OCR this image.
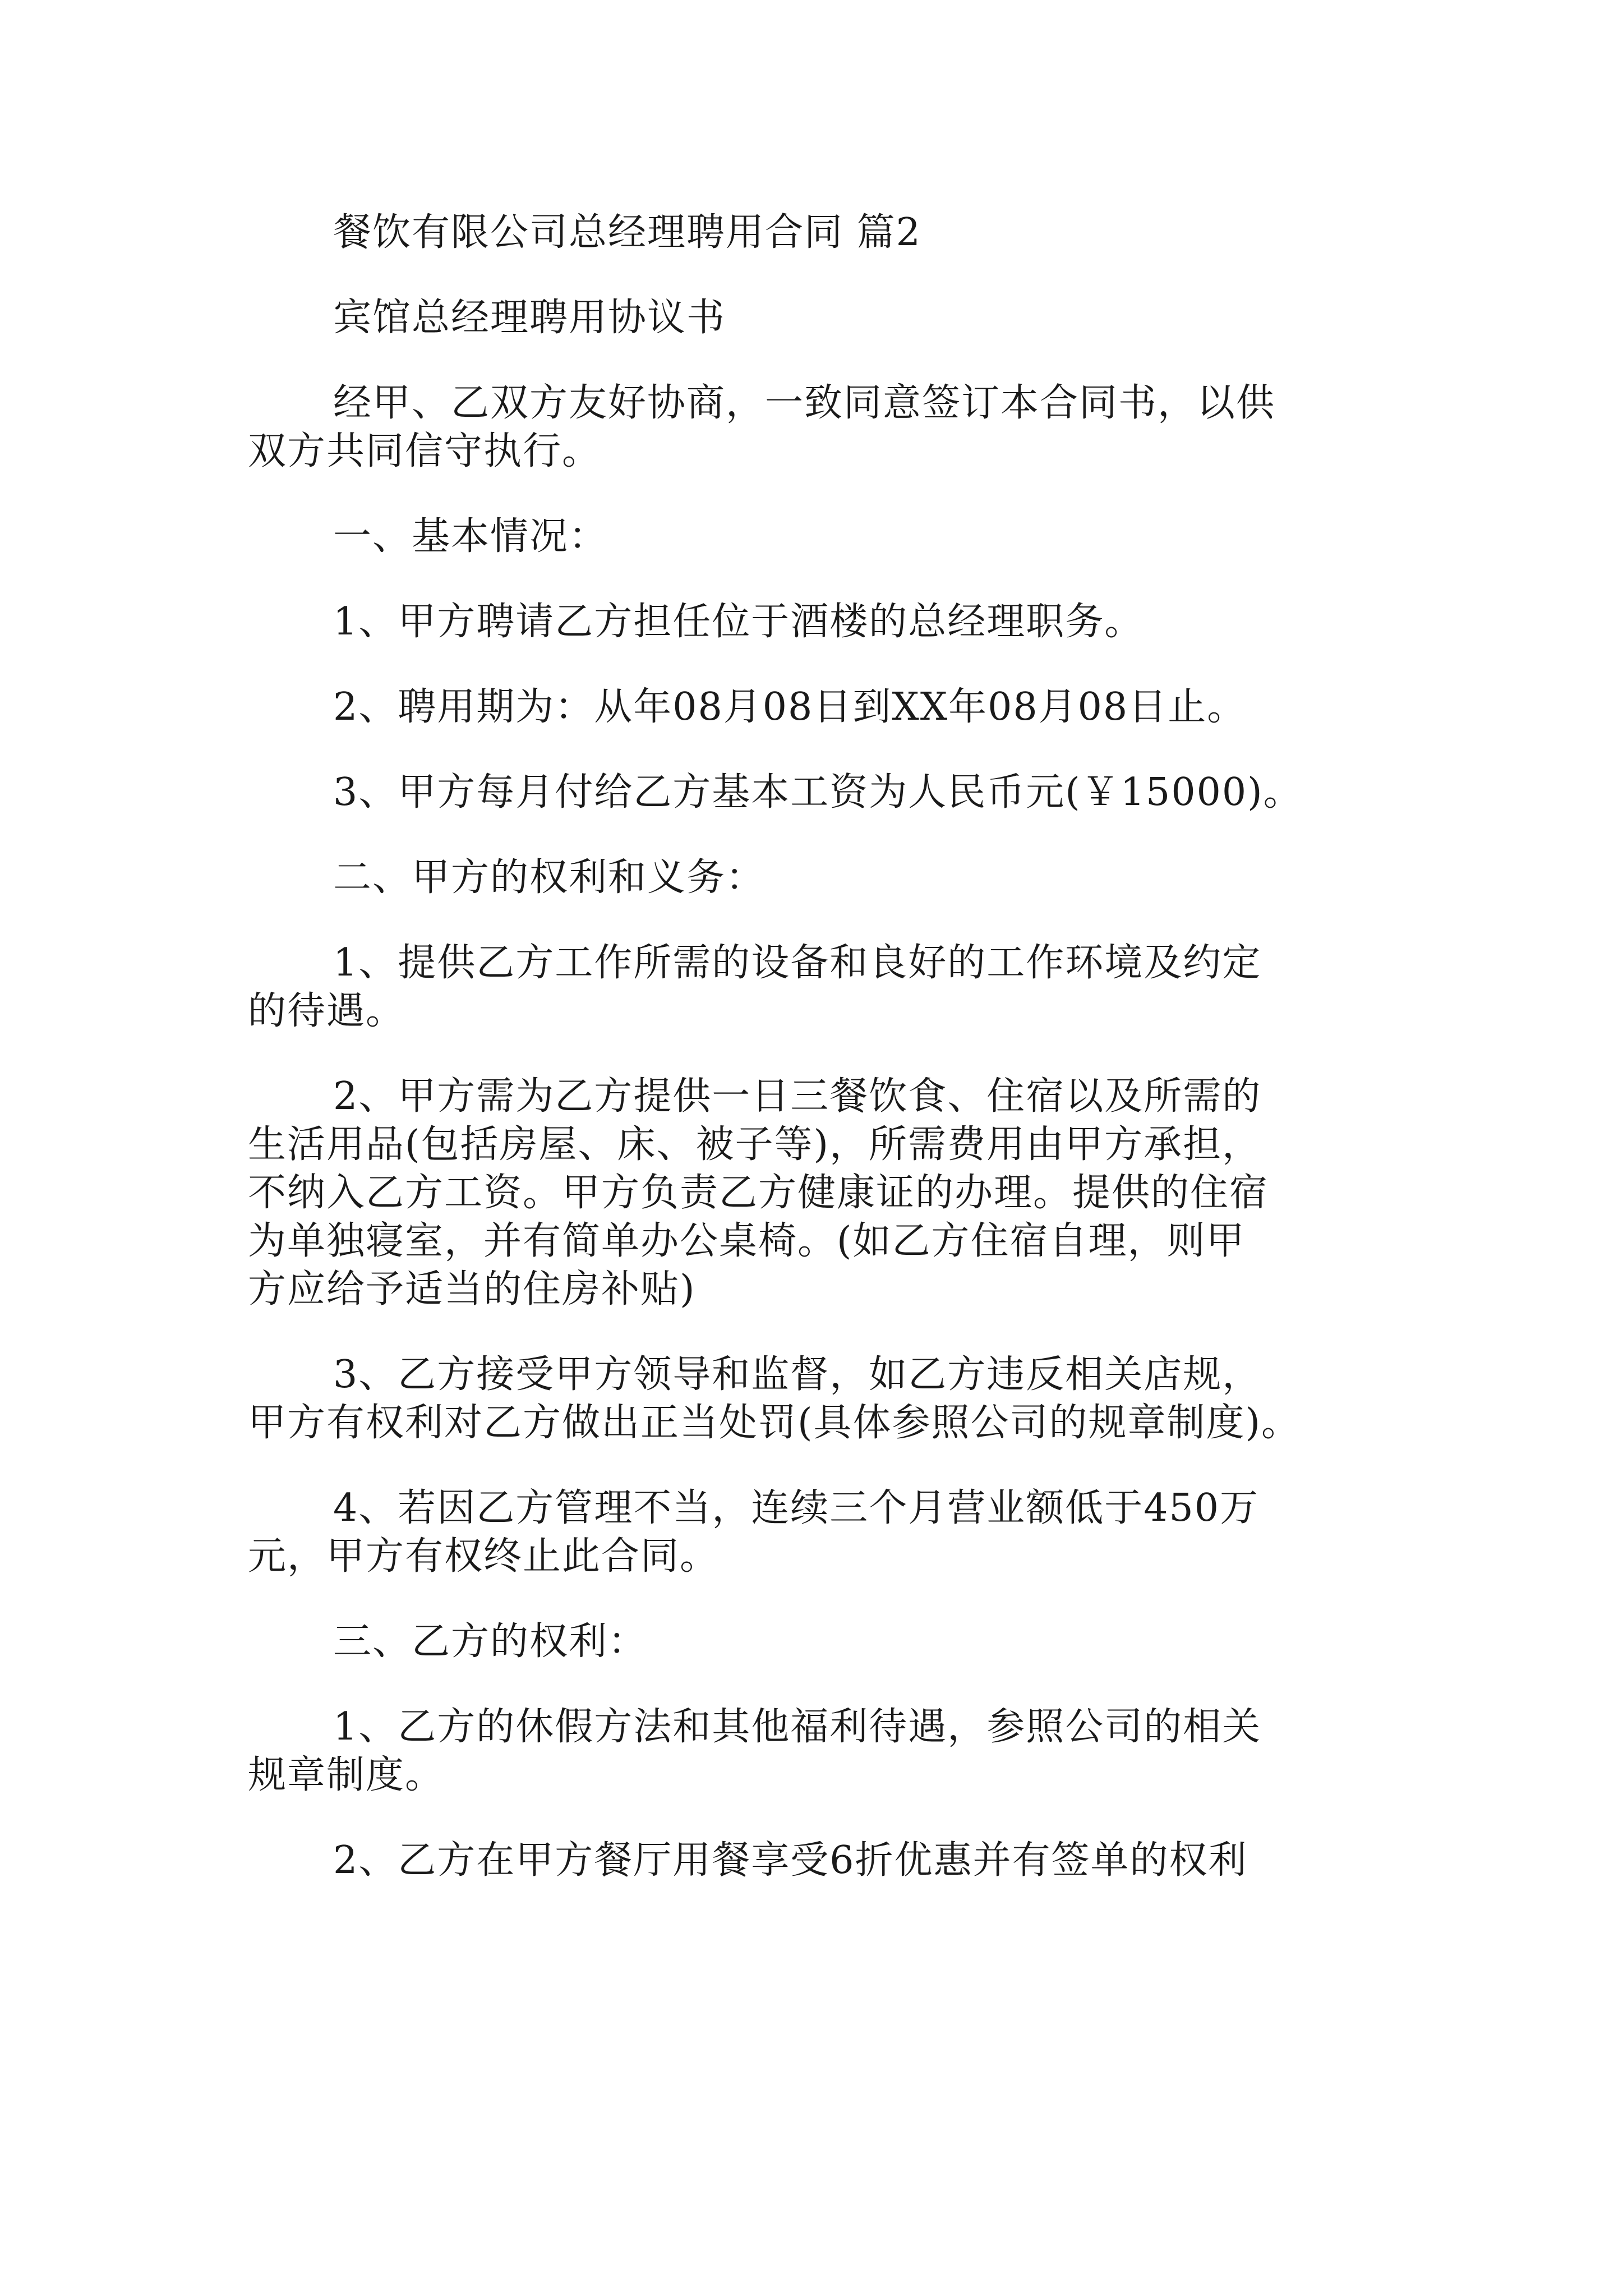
餐饮有限公司总经理聘用合同 篇2
宾馆总经理聘用协议书
经甲、乙双方友好协商，一致同意签订本合同书，以供
双方共同信守执行。
一、基本情况：
1、甲方聘请乙方担任位于酒楼的总经理职务。
2、聘用期为：从年08月08日到XX年08月08日止。
3、甲方每月付给乙方基本工资为人民币元(￥15000)。
二、甲方的权利和义务：
1、提供乙方工作所需的设备和良好的工作环境及约定
的待遇。
2、甲方需为乙方提供一日三餐饮食、住宿以及所需的
生活用品(包括房屋、床、被子等)，所需费用由甲方承担，
不纳入乙方工资。甲方负责乙方健康证的办理。提供的住宿
为单独寝室，并有简单办公桌椅。(如乙方住宿自理，则甲
方应给予适当的住房补贴)
3、乙方接受甲方领导和监督，如乙方违反相关店规，
甲方有权利对乙方做出正当处罚(具体参照公司的规章制度)。
4、若因乙方管理不当，连续三个月营业额低于450万
元，甲方有权终止此合同。
三、乙方的权利：
1、乙方的休假方法和其他福利待遇，参照公司的相关
规章制度。
2、乙方在甲方餐厅用餐享受6折优惠并有签单的权利
